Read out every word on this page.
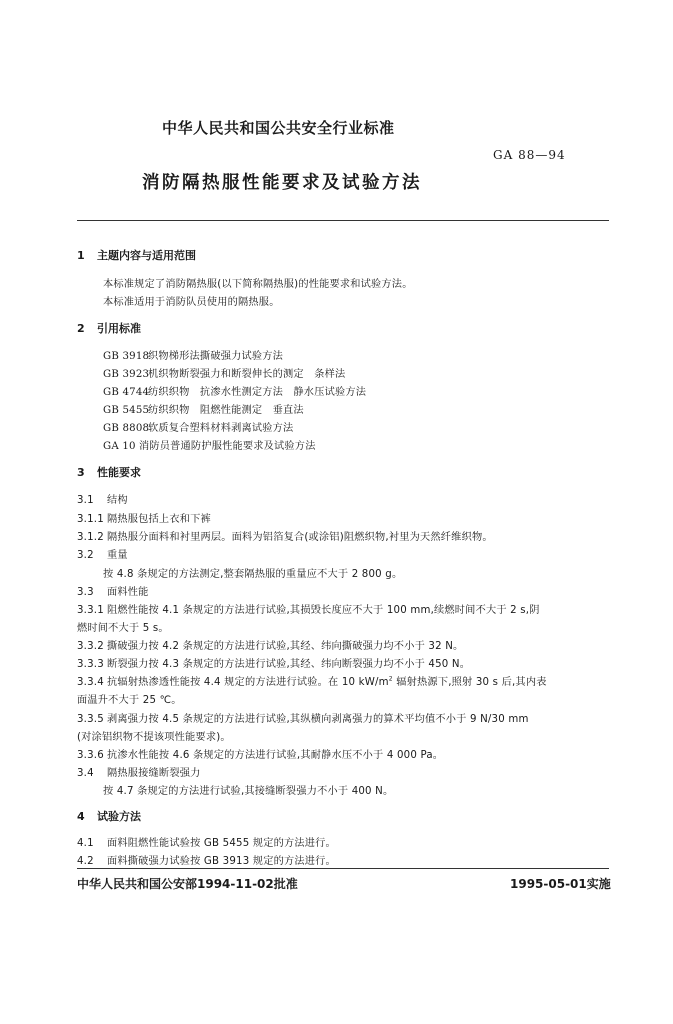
中华人民共和国公共安全行业标准
GA 88—94
消防隔热服性能要求及试验方法
1 主题内容与适用范围
本标准规定了消防隔热服(以下简称隔热服)的性能要求和试验方法。
本标准适用于消防队员使用的隔热服。
2 引用标准
GB 3918织物梯形法撕破强力试验方法
GB 3923机织物断裂强力和断裂伸长的测定　条样法
GB 4744纺织织物　抗渗水性测定方法　静水压试验方法
GB 5455纺织织物　阻燃性能测定　垂直法
GB 8808软质复合塑料材料剥离试验方法
GA 10 消防员普通防护服性能要求及试验方法
3 性能要求
3.1 结构
3.1.1 隔热服包括上衣和下裤
3.1.2 隔热服分面料和衬里两层。面料为铝箔复合(或涂铝)阻燃织物,衬里为天然纤维织物。
3.2 重量
按 4.8 条规定的方法测定,整套隔热服的重量应不大于 2 800 g。
3.3 面料性能
3.3.1 阻燃性能按 4.1 条规定的方法进行试验,其损毁长度应不大于 100 mm,续燃时间不大于 2 s,阴
燃时间不大于 5 s。
3.3.2 撕破强力按 4.2 条规定的方法进行试验,其经、纬向撕破强力均不小于 32 N。
3.3.3 断裂强力按 4.3 条规定的方法进行试验,其经、纬向断裂强力均不小于 450 N。
3.3.4 抗辐射热渗透性能按 4.4 规定的方法进行试验。在 10 $kW/m^2$ 辐射热源下,照射 30 s 后,其内表
面温升不大于 25 ℃。
3.3.5 剥离强力按 4.5 条规定的方法进行试验,其纵横向剥离强力的算术平均值不小于 9 N/30 mm
(对涂铝织物不提该项性能要求)。
3.3.6 抗渗水性能按 4.6 条规定的方法进行试验,其耐静水压不小于 4 000 Pa。
3.4 隔热服接缝断裂强力
按 4.7 条规定的方法进行试验,其接缝断裂强力不小于 400 N。
4 试验方法
4.1 面料阻燃性能试验按 GB 5455 规定的方法进行。
4.2 面料撕破强力试验按 GB 3913 规定的方法进行。
中华人民共和国公安部1994-11-02批准	1995-05-01实施
